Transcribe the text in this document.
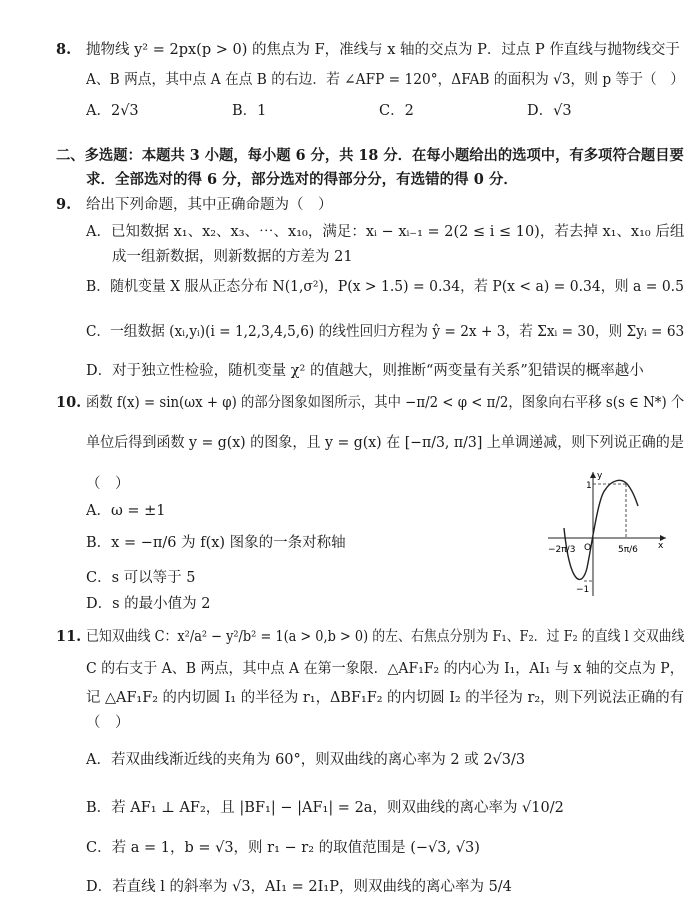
8. 抛物线 y² = 2px(p > 0) 的焦点为 F，准线与 x 轴的交点为 P．过点 P 作直线与抛物线交于
A、B 两点，其中点 A 在点 B 的右边．若 ∠AFP = 120°，ΔFAB 的面积为 √3，则 p 等于（　）
A．2√3	B．1	C．2	D．√3
二、多选题：本题共 3 小题，每小题 6 分，共 18 分．在每小题给出的选项中，有多项符合题目要
求．全部选对的得 6 分，部分选对的得部分分，有选错的得 0 分．
9. 给出下列命题，其中正确命题为（　）
A．已知数据 x₁、x₂、x₃、⋯、x₁₀，满足：xᵢ − xᵢ₋₁ = 2(2 ≤ i ≤ 10)，若去掉 x₁、x₁₀ 后组
成一组新数据，则新数据的方差为 21
B．随机变量 X 服从正态分布 N(1,σ²)，P(x > 1.5) = 0.34，若 P(x < a) = 0.34，则 a = 0.5
C．一组数据 (xᵢ,yᵢ)(i = 1,2,3,4,5,6) 的线性回归方程为 ŷ = 2x + 3，若 Σxᵢ = 30，则 Σyᵢ = 63
D．对于独立性检验，随机变量 χ² 的值越大，则推断“两变量有关系”犯错误的概率越小
10. 函数 f(x) = sin(ωx + φ) 的部分图象如图所示，其中 −π/2 < φ < π/2，图象向右平移 s(s ∈ N*) 个
单位后得到函数 y = g(x) 的图象，且 y = g(x) 在 [−π/3, π/3] 上单调递减，则下列说正确的是
（　）
A．ω = ±1
B．x = −π/6 为 f(x) 图象的一条对称轴
C．s 可以等于 5
D．s 的最小值为 2
y
x
O
1
−1
−2π/3	5π/6
11. 已知双曲线 C：x²/a² − y²/b² = 1(a > 0,b > 0) 的左、右焦点分别为 F₁、F₂．过 F₂ 的直线 l 交双曲线
C 的右支于 A、B 两点，其中点 A 在第一象限．△AF₁F₂ 的内心为 I₁，AI₁ 与 x 轴的交点为 P，
记 △AF₁F₂ 的内切圆 I₁ 的半径为 r₁，ΔBF₁F₂ 的内切圆 I₂ 的半径为 r₂，则下列说法正确的有
（　）
A．若双曲线渐近线的夹角为 60°，则双曲线的离心率为 2 或 2√3/3
B．若 AF₁ ⊥ AF₂，且 |BF₁| − |AF₁| = 2a，则双曲线的离心率为 √10/2
C．若 a = 1，b = √3，则 r₁ − r₂ 的取值范围是 (−√3, √3)
D．若直线 l 的斜率为 √3，AI₁ = 2I₁P，则双曲线的离心率为 5/4
